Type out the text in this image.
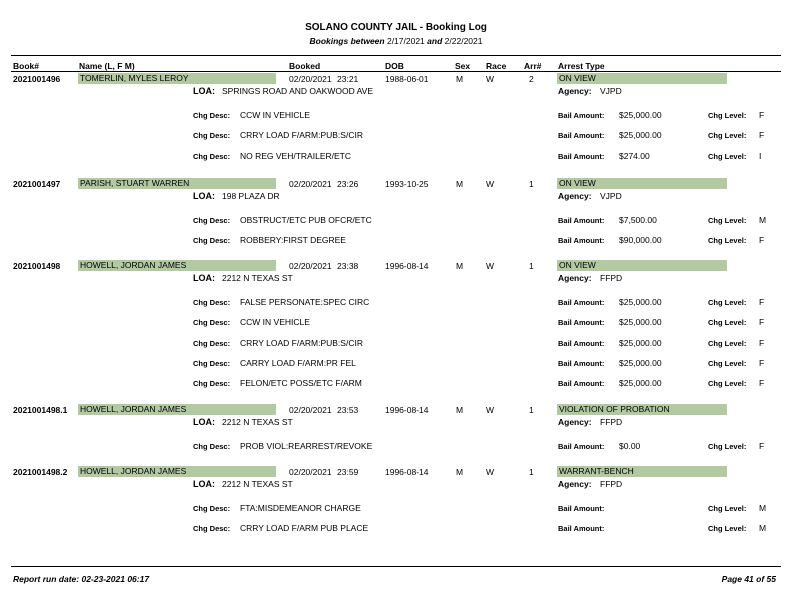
SOLANO COUNTY JAIL - Booking Log
Bookings between 2/17/2021 and 2/22/2021
Book#	Name (L, F M)	Booked	DOB	Sex Race Arr# Arrest Type
2021001496 TOMERLIN, MYLES LEROY	02/20/2021 23:21	1988-06-01	M	W	2	ON VIEW
LOA: SPRINGS ROAD AND OAKWOOD AVE	Agency: VJPD
Chg Desc: CCW IN VEHICLE	Bail Amount: $25,000.00	Chg Level: F
Chg Desc: CRRY LOAD F/ARM:PUB:S/CIR	Bail Amount: $25,000.00	Chg Level: F
Chg Desc: NO REG VEH/TRAILER/ETC	Bail Amount: $274.00	Chg Level: I
2021001497 PARISH, STUART WARREN	02/20/2021 23:26	1993-10-25	M	W	1	ON VIEW
LOA: 198 PLAZA DR	Agency: VJPD
Chg Desc: OBSTRUCT/ETC PUB OFCR/ETC	Bail Amount: $7,500.00	Chg Level: M
Chg Desc: ROBBERY:FIRST DEGREE	Bail Amount: $90,000.00	Chg Level: F
2021001498 HOWELL, JORDAN JAMES	02/20/2021 23:38	1996-08-14	M	W	1	ON VIEW
LOA: 2212 N TEXAS ST	Agency: FFPD
Chg Desc: FALSE PERSONATE:SPEC CIRC	Bail Amount: $25,000.00	Chg Level: F
Chg Desc: CCW IN VEHICLE	Bail Amount: $25,000.00	Chg Level: F
Chg Desc: CRRY LOAD F/ARM:PUB:S/CIR	Bail Amount: $25,000.00	Chg Level: F
Chg Desc: CARRY LOAD F/ARM:PR FEL	Bail Amount: $25,000.00	Chg Level: F
Chg Desc: FELON/ETC POSS/ETC F/ARM	Bail Amount: $25,000.00	Chg Level: F
2021001498.1 HOWELL, JORDAN JAMES	02/20/2021 23:53	1996-08-14	M	W	1	VIOLATION OF PROBATION
LOA: 2212 N TEXAS ST	Agency: FFPD
Chg Desc: PROB VIOL:REARREST/REVOKE	Bail Amount: $0.00	Chg Level: F
2021001498.2 HOWELL, JORDAN JAMES	02/20/2021 23:59	1996-08-14	M	W	1	WARRANT-BENCH
LOA: 2212 N TEXAS ST	Agency: FFPD
Chg Desc: FTA:MISDEMEANOR CHARGE	Bail Amount:	Chg Level: M
Chg Desc: CRRY LOAD F/ARM PUB PLACE	Bail Amount:	Chg Level: M
Report run date: 02-23-2021 06:17	Page 41 of 55
